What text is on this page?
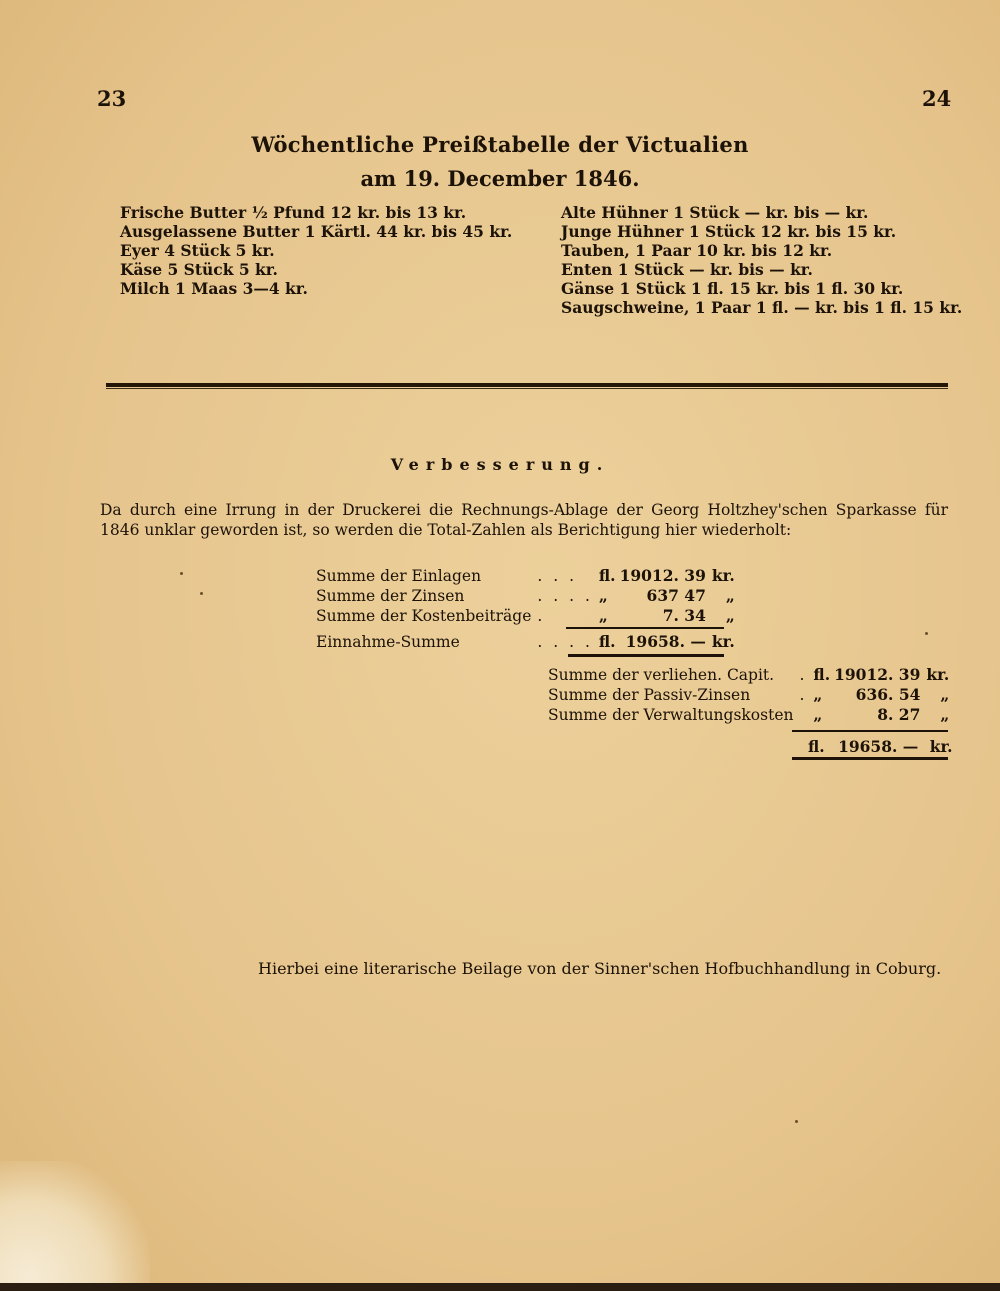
23	24
Wöchentliche Preißtabelle der Victualien
am 19. December 1846.
Frische Butter ½ Pfund 12 kr. bis 13 kr.
Ausgelassene Butter 1 Kärtl. 44 kr. bis 45 kr.
Eyer 4 Stück 5 kr.
Käse 5 Stück 5 kr.
Milch 1 Maas 3—4 kr.
Alte Hühner 1 Stück — kr. bis — kr.
Junge Hühner 1 Stück 12 kr. bis 15 kr.
Tauben, 1 Paar 10 kr. bis 12 kr.
Enten 1 Stück — kr. bis — kr.
Gänse 1 Stück 1 fl. 15 kr. bis 1 fl. 30 kr.
Saugschweine, 1 Paar 1 fl. — kr. bis 1 fl. 15 kr.
Verbesserung.
Da durch eine Irrung in der Druckerei die Rechnungs-Ablage der Georg Holtzhey'schen Sparkasse für 1846 unklar geworden ist, so werden die Total-Zahlen als Berichtigung hier wiederholt:
Summe der Einlagen	. . .	fl.	19012. 39	kr.
Summe der Zinsen	. . . .	„	637 47	„
Summe der Kostenbeiträge	.	„	7. 34	„
Einnahme-Summe	. . . .	fl.	19658. —	kr.
Summe der verliehen. Capit.	.	fl.	19012. 39	kr.
Summe der Passiv-Zinsen	.	„	636. 54	„
Summe der Verwaltungskosten		„	8. 27	„
fl. 19658. — kr.
Hierbei eine literarische Beilage von der Sinner'schen Hofbuchhandlung in Coburg.
